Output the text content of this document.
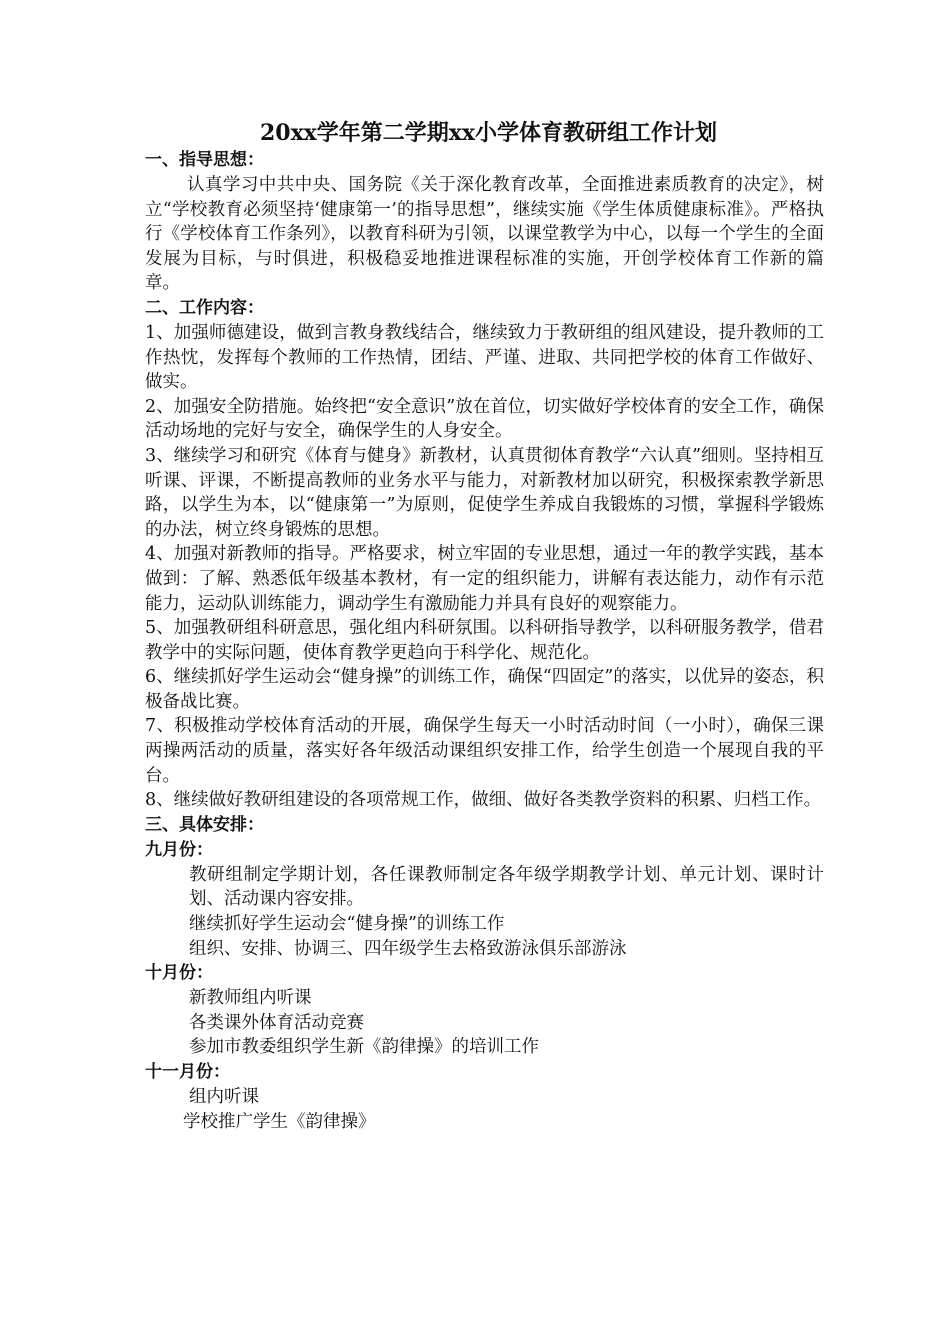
20xx学年第二学期xx小学体育教研组工作计划
一、指导思想：

认真学习中共中央、国务院《关于深化教育改革，全面推进素质教育的决定》，树立“学校教育必须坚持‘健康第一’的指导思想”，继续实施《学生体质健康标准》。严格执行《学校体育工作条列》，以教育科研为引领，以课堂教学为中心，以每一个学生的全面发展为目标，与时俱进，积极稳妥地推进课程标准的实施，开创学校体育工作新的篇章。

二、工作内容：

1、加强师德建设，做到言教身教线结合，继续致力于教研组的组风建设，提升教师的工作热忱，发挥每个教师的工作热情，团结、严谨、进取、共同把学校的体育工作做好、做实。

2、加强安全防措施。始终把“安全意识”放在首位，切实做好学校体育的安全工作，确保活动场地的完好与安全，确保学生的人身安全。

3、继续学习和研究《体育与健身》新教材，认真贯彻体育教学“六认真”细则。坚持相互听课、评课，不断提高教师的业务水平与能力，对新教材加以研究，积极探索教学新思路，以学生为本，以“健康第一”为原则，促使学生养成自我锻炼的习惯，掌握科学锻炼的办法，树立终身锻炼的思想。

4、加强对新教师的指导。严格要求，树立牢固的专业思想，通过一年的教学实践，基本做到：了解、熟悉低年级基本教材，有一定的组织能力，讲解有表达能力，动作有示范能力，运动队训练能力，调动学生有激励能力并具有良好的观察能力。

5、加强教研组科研意思，强化组内科研氛围。以科研指导教学，以科研服务教学，借君教学中的实际问题，使体育教学更趋向于科学化、规范化。

6、继续抓好学生运动会“健身操”的训练工作，确保“四固定”的落实，以优异的姿态，积极备战比赛。

7、积极推动学校体育活动的开展，确保学生每天一小时活动时间（一小时），确保三课两操两活动的质量，落实好各年级活动课组织安排工作，给学生创造一个展现自我的平台。

8、继续做好教研组建设的各项常规工作，做细、做好各类教学资料的积累、归档工作。

三、具体安排：
九月份：

教研组制定学期计划，各任课教师制定各年级学期教学计划、单元计划、课时计划、活动课内容安排。

继续抓好学生运动会“健身操”的训练工作

组织、安排、协调三、四年级学生去格致游泳俱乐部游泳

十月份：

新教师组内听课

各类课外体育活动竞赛

参加市教委组织学生新《韵律操》的培训工作

十一月份：

组内听课

学校推广学生《韵律操》
